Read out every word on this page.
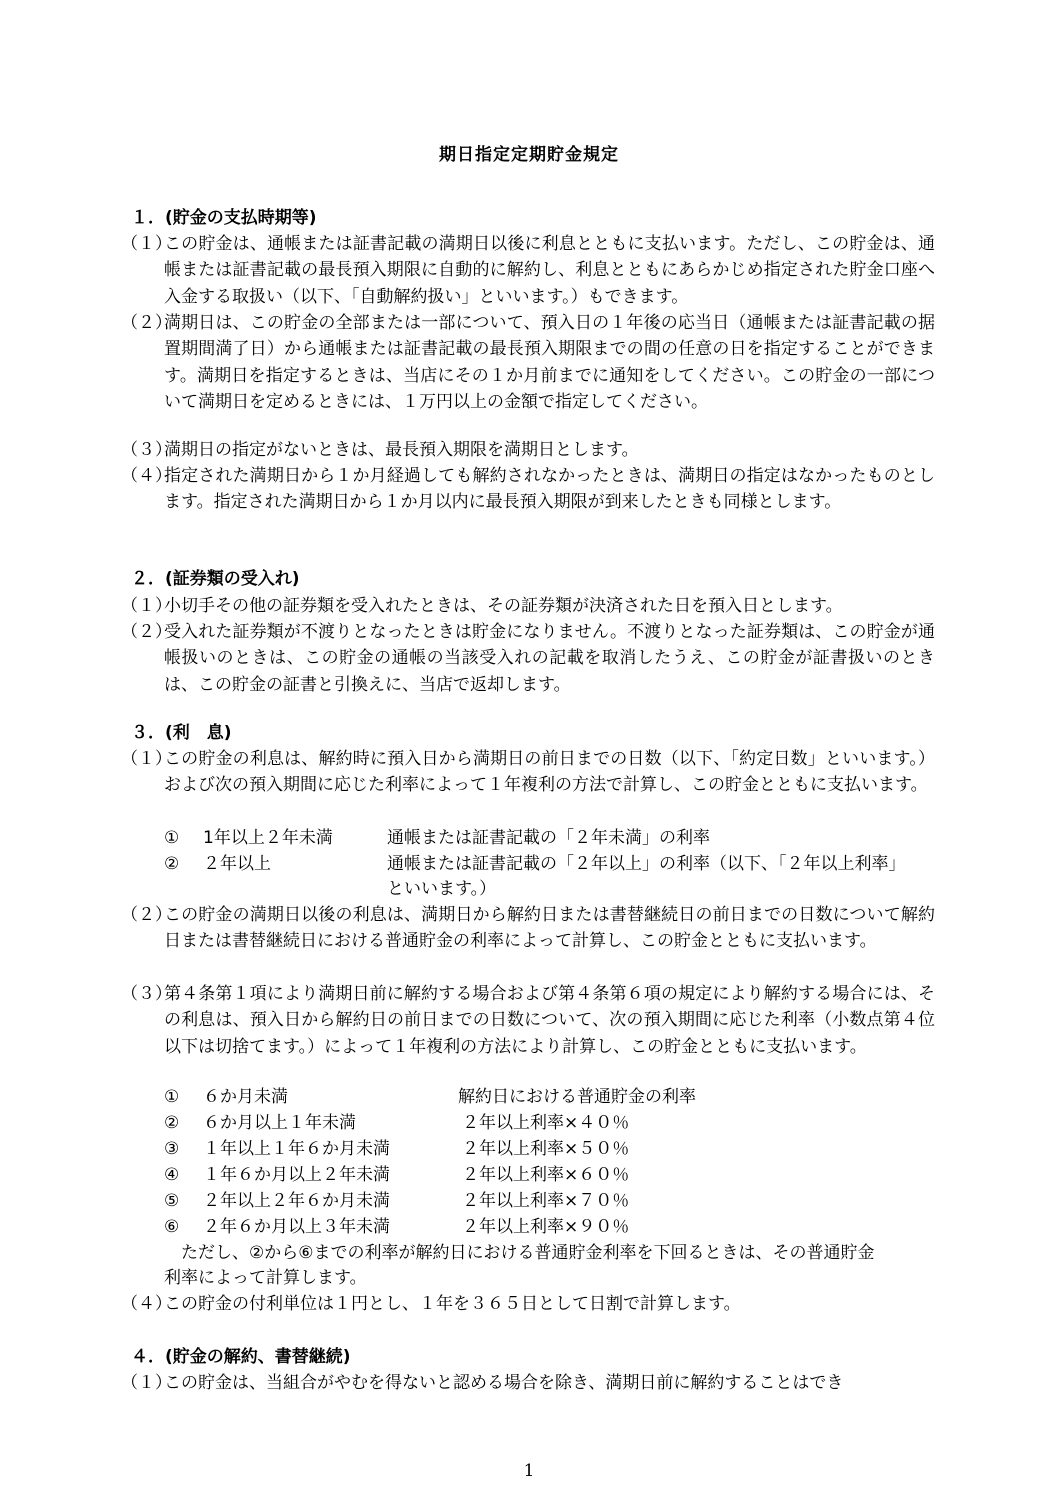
期日指定定期貯金規定
１．(貯金の支払時期等)
（１）
この貯金は、通帳または証書記載の満期日以後に利息とともに支払います。ただし、この貯金は、通帳または証書記載の最長預入期限に自動的に解約し、利息とともにあらかじめ指定された貯金口座へ入金する取扱い（以下、「自動解約扱い」といいます。）もできます。
（２）
満期日は、この貯金の全部または一部について、預入日の１年後の応当日（通帳または証書記載の据置期間満了日）から通帳または証書記載の最長預入期限までの間の任意の日を指定することができます。満期日を指定するときは、当店にその１か月前までに通知をしてください。この貯金の一部について満期日を定めるときには、１万円以上の金額で指定してください。
（３）
満期日の指定がないときは、最長預入期限を満期日とします。
（４）
指定された満期日から１か月経過しても解約されなかったときは、満期日の指定はなかったものとします。指定された満期日から１か月以内に最長預入期限が到来したときも同様とします。
２．(証券類の受入れ)
（１）
小切手その他の証券類を受入れたときは、その証券類が決済された日を預入日とします。
（２）
受入れた証券類が不渡りとなったときは貯金になりません。不渡りとなった証券類は、この貯金が通帳扱いのときは、この貯金の通帳の当該受入れの記載を取消したうえ、この貯金が証書扱いのときは、この貯金の証書と引換えに、当店で返却します。
３．(利　息)
（１）
この貯金の利息は、解約時に預入日から満期日の前日までの日数（以下、「約定日数」といいます。）および次の預入期間に応じた利率によって１年複利の方法で計算し、この貯金とともに支払います。
① 1年以上２年未満	通帳または証書記載の「２年未満」の利率
② ２年以上	通帳または証書記載の「２年以上」の利率（以下、「２年以上利率」
といいます。）
（２）
この貯金の満期日以後の利息は、満期日から解約日または書替継続日の前日までの日数について解約日または書替継続日における普通貯金の利率によって計算し、この貯金とともに支払います。
（３）
第４条第１項により満期日前に解約する場合および第４条第６項の規定により解約する場合には、その利息は、預入日から解約日の前日までの日数について、次の預入期間に応じた利率（小数点第４位以下は切捨てます。）によって１年複利の方法により計算し、この貯金とともに支払います。
① ６か月未満	解約日における普通貯金の利率
② ６か月以上１年未満	２年以上利率×４０％
③ １年以上１年６か月未満	２年以上利率×５０％
④ １年６か月以上２年未満	２年以上利率×６０％
⑤ ２年以上２年６か月未満	２年以上利率×７０％
⑥ ２年６か月以上３年未満	２年以上利率×９０％
　ただし、②から⑥までの利率が解約日における普通貯金利率を下回るときは、その普通貯金
利率によって計算します。
（４）
この貯金の付利単位は１円とし、１年を３６５日として日割で計算します。
４．(貯金の解約、書替継続)
（１）
この貯金は、当組合がやむを得ないと認める場合を除き、満期日前に解約することはでき
1
